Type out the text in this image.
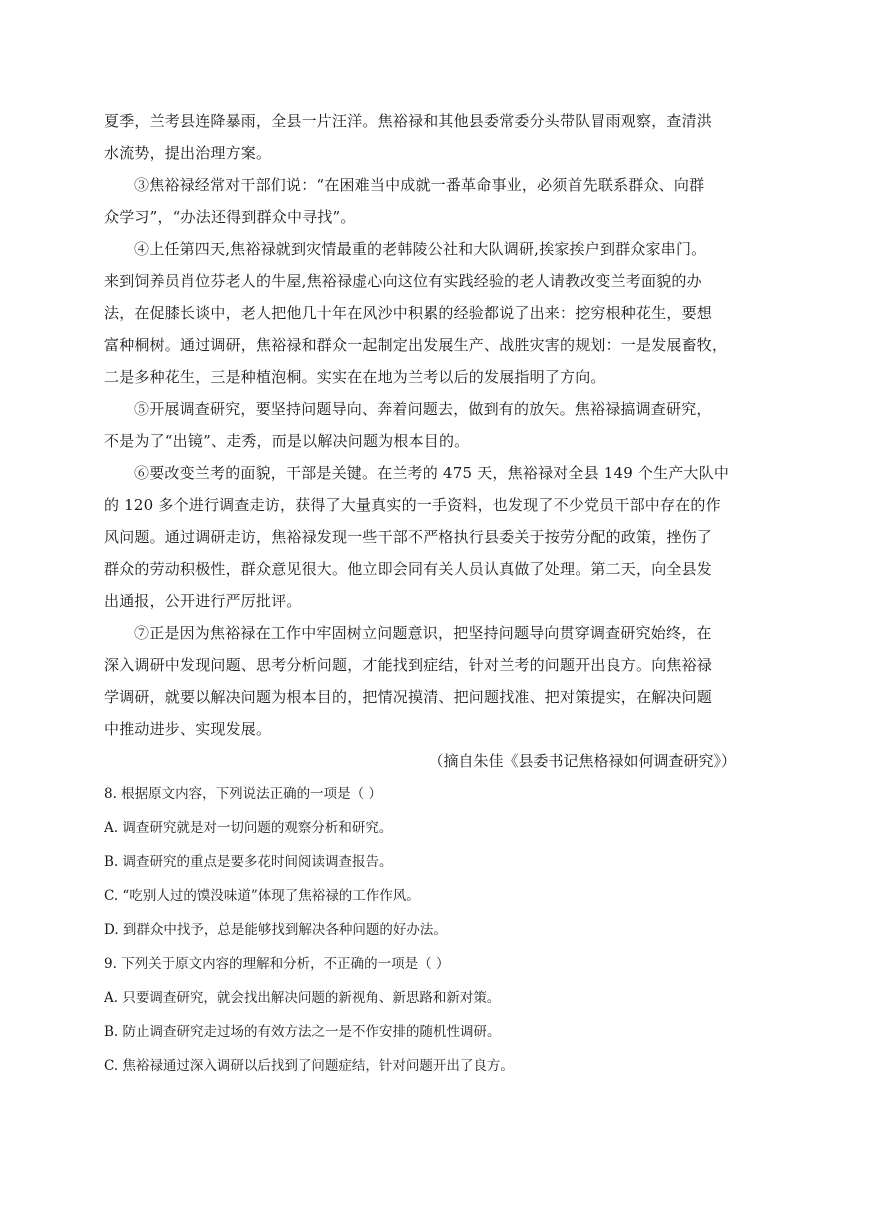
夏季，兰考县连降暴雨，全县一片汪洋。焦裕禄和其他县委常委分头带队冒雨观察，查清洪
水流势，提出治理方案。

③焦裕禄经常对干部们说：“在困难当中成就一番革命事业，必须首先联系群众、向群
众学习”，“办法还得到群众中寻找”。

④上任第四天,焦裕禄就到灾情最重的老韩陵公社和大队调研,挨家挨户到群众家串门。
来到饲养员肖位芬老人的牛屋,焦裕禄虚心向这位有实践经验的老人请教改变兰考面貌的办
法，在促膝长谈中，老人把他几十年在风沙中积累的经验都说了出来：挖穷根种花生，要想
富种桐树。通过调研，焦裕禄和群众一起制定出发展生产、战胜灾害的规划：一是发展畜牧，
二是多种花生，三是种植泡桐。实实在在地为兰考以后的发展指明了方向。

⑤开展调查研究，要坚持问题导向、奔着问题去，做到有的放矢。焦裕禄搞调查研究，
不是为了“出镜”、走秀，而是以解决问题为根本目的。

⑥要改变兰考的面貌，干部是关键。在兰考的 475 天，焦裕禄对全县 149 个生产大队中
的 120 多个进行调查走访，获得了大量真实的一手资料，也发现了不少党员干部中存在的作
风问题。通过调研走访，焦裕禄发现一些干部不严格执行县委关于按劳分配的政策，挫伤了
群众的劳动积极性，群众意见很大。他立即会同有关人员认真做了处理。第二天，向全县发
出通报，公开进行严厉批评。

⑦正是因为焦裕禄在工作中牢固树立问题意识，把坚持问题导向贯穿调查研究始终，在
深入调研中发现问题、思考分析问题，才能找到症结，针对兰考的问题开出良方。向焦裕禄
学调研，就要以解决问题为根本目的，把情况摸清、把问题找准、把对策提实，在解决问题
中推动进步、实现发展。

（摘自朱佳《县委书记焦格禄如何调查研究》）

8. 根据原文内容，下列说法正确的一项是（ ）

A. 调查研究就是对一切问题的观察分析和研究。

B. 调查研究的重点是要多花时间阅读调查报告。

C. “吃别人过的馍没味道”体现了焦裕禄的工作作风。

D. 到群众中找予，总是能够找到解决各种问题的好办法。

9. 下列关于原文内容的理解和分析，不正确的一项是（ ）

A. 只要调查研究，就会找出解决问题的新视角、新思路和新对策。

B. 防止调查研究走过场的有效方法之一是不作安排的随机性调研。

C. 焦裕禄通过深入调研以后找到了问题症结，针对问题开出了良方。
